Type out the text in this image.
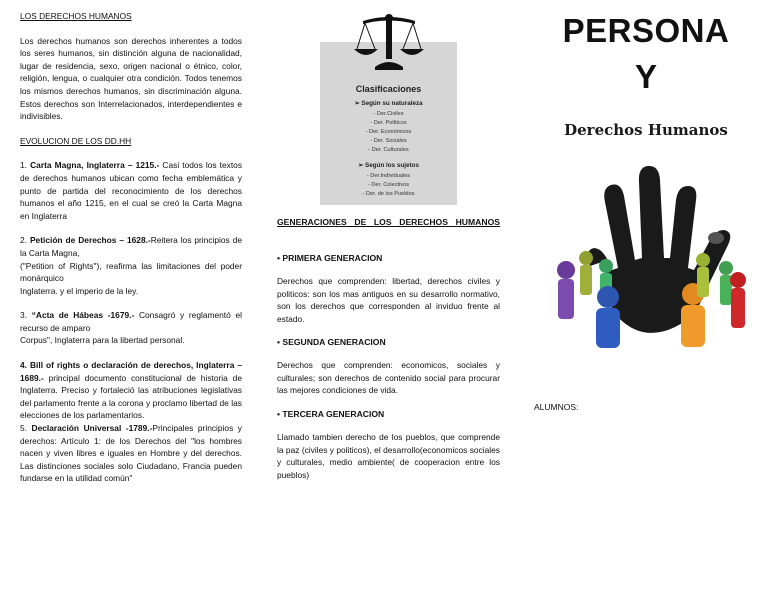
LOS DERECHOS HUMANOS

Los derechos humanos son derechos inherentes a todos los seres humanos, sin distinción alguna de nacionalidad, lugar de residencia, sexo, origen nacional o étnico, color, religión, lengua, o cualquier otra condición. Todos tenemos los mismos derechos humanos, sin discriminación alguna. Estos derechos son Interrelacionados, interdependientes e indivisibles.

EVOLUCION DE LOS DD.HH

1. Carta Magna, Inglaterra – 1215.- Casi todos los textos de derechos humanos ubican como fecha emblemática y punto de partida del reconocimiento de los derechos humanos el año 1215, en el cual se creó la Carta Magna en Inglaterra

2. Petición de Derechos – 1628.-Reitera los principios de la Carta Magna,
("Petition of Rights"), reafirma las limitaciones del poder monárquico
Inglaterra. y el imperio de la ley.

3. “Acta de Hábeas -1679.- Consagró y reglamentó el recurso de amparo
Corpus", Inglaterra para la libertad personal.

4. Bill of rights o declaración de derechos, Inglaterra – 1689.- principal documento constitucional de historia de Inglaterra. Preciso y fortaleció las atribuciones legislativas del parlamento frente a la corona y proclamo libertad de las elecciones de los parlamentarios.

5. Declaración Universal -1789.-Principales principios y derechos: Artículo 1: de los Derechos del "los hombres nacen y viven libres e iguales en Hombre y del derechos. Las distinciones sociales solo Ciudadano, Francia pueden fundarse en la utilidad común"

Clasificaciones
➢ Según su naturaleza
- Der.Civiles
- Der. Políticos
- Der. Económicos
- Der. Sociales
- Der. Culturales
➢ Según los sujetos
- Der.Individuales
- Der. Colectivos
- Der. de los Pueblos
GENERACIONES DE LOS DERECHOS HUMANOS
• PRIMERA GENERACION
Derechos que comprenden: libertad, derechos civiles y politicos: son los mas antiguos en su desarrollo normativo, son los derechos que corresponden al inviduo frente al estado.
• SEGUNDA GENERACION
Derechos que comprenden: economicos, sociales y culturales; son derechos de contenido social para procurar las mejores condiciones de vida.
• TERCERA GENERACION
Llamado tambien derecho de los pueblos, que comprende la paz (civiles y politicos), el desarrollo(economicos sociales y culturales, medio ambiente( de cooperacion entre los pueblos)
PERSONA
Y
Derechos Humanos
ALUMNOS:
